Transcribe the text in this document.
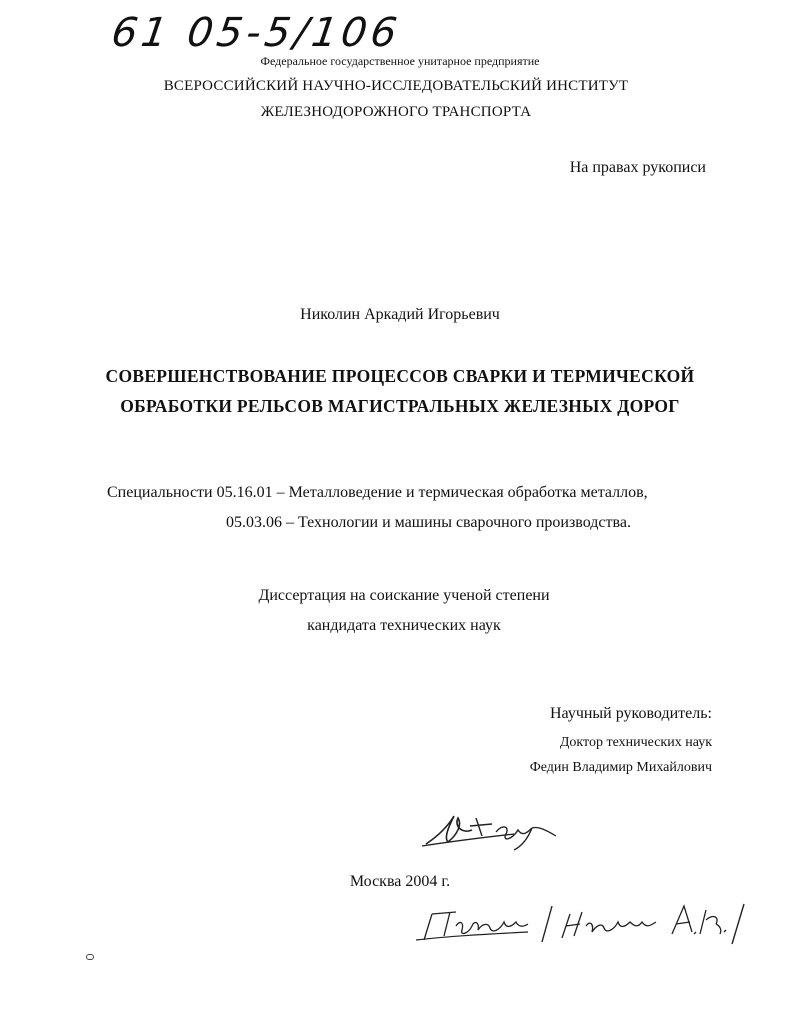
61 05-5/106
Федеральное государственное унитарное предприятие
ВСЕРОССИЙСКИЙ НАУЧНО-ИССЛЕДОВАТЕЛЬСКИЙ ИНСТИТУТ
ЖЕЛЕЗНОДОРОЖНОГО ТРАНСПОРТА
На правах рукописи
Николин Аркадий Игорьевич
СОВЕРШЕНСТВОВАНИЕ ПРОЦЕССОВ СВАРКИ И ТЕРМИЧЕСКОЙ
ОБРАБОТКИ РЕЛЬСОВ МАГИСТРАЛЬНЫХ ЖЕЛЕЗНЫХ ДОРОГ
Специальности 05.16.01 – Металловедение и термическая обработка металлов,
05.03.06 – Технологии и машины сварочного производства.
Диссертация на соискание ученой степени
кандидата технических наук
Научный руководитель:
Доктор технических наук
Федин Владимир Михайлович
Москва 2004 г.
